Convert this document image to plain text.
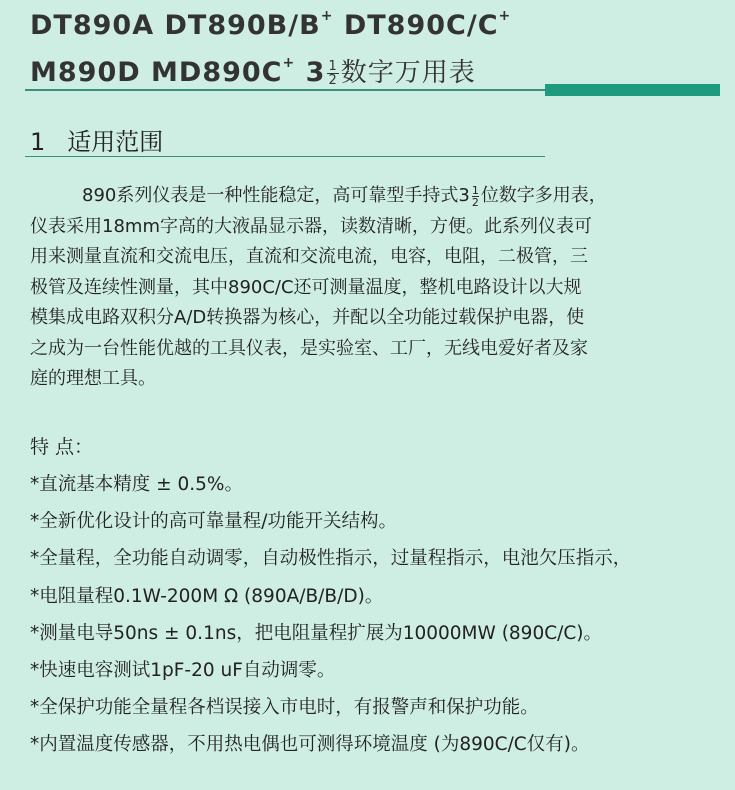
DT890A DT890B/B+ DT890C/C+
M890D MD890C+ $3 \frac{1}{2}$ 数字万用表
1 适用范围
890系列仪表是一种性能稳定，高可靠型手持式$3 \frac{1}{2}$ 位数字多用表，
仪表采用18mm字高的大液晶显示器，读数清晰，方便。此系列仪表可
用来测量直流和交流电压，直流和交流电流，电容，电阻，二极管，三
极管及连续性测量，其中890C/C还可测量温度，整机电路设计以大规
模集成电路双积分A/D转换器为核心，并配以全功能过载保护电器，使
之成为一台性能优越的工具仪表，是实验室、工厂，无线电爱好者及家
庭的理想工具。
特 点：
*直流基本精度 ± 0.5%。
*全新优化设计的高可靠量程/功能开关结构。
*全量程，全功能自动调零，自动极性指示，过量程指示，电池欠压指示，
*电阻量程0.1W-200M Ω (890A/B/B/D)。
*测量电导50ns ± 0.1ns，把电阻量程扩展为10000MW (890C/C)。
*快速电容测试1pF-20 uF自动调零。
*全保护功能全量程各档误接入市电时，有报警声和保护功能。
*内置温度传感器，不用热电偶也可测得环境温度 (为890C/C仅有)。
